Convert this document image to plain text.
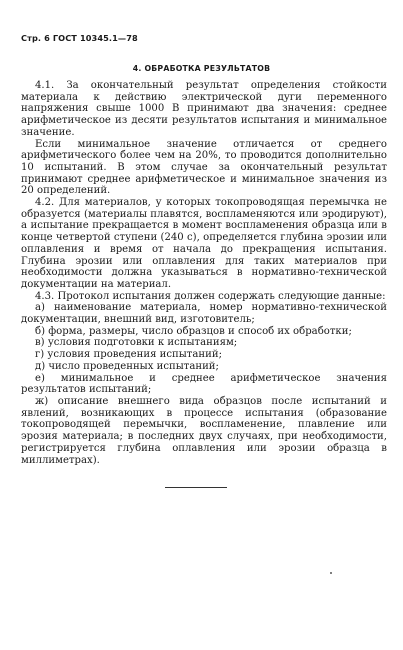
Стр. 6 ГОСТ 10345.1—78
4. ОБРАБОТКА РЕЗУЛЬТАТОВ

4.1. За окончательный результат определения стойкости материала к действию электрической дуги переменного напряжения свыше 1000 В принимают два значения: среднее арифметическое из десяти результатов испытания и минимальное значение.

Если минимальное значение отличается от среднего арифметического более чем на 20%, то проводится дополнительно 10 испытаний. В этом случае за окончательный результат принимают среднее арифметическое и минимальное значения из 20 определений.

4.2. Для материалов, у которых токопроводящая перемычка не образуется (материалы плавятся, воспламеняются или эродируют), а испытание прекращается в момент воспламенения образца или в конце четвертой ступени (240 с), определяется глубина эрозии или оплавления и время от начала до прекращения испытания. Глубина эрозии или оплавления для таких материалов при необходимости должна указываться в нормативно-технической документации на материал.

4.3. Протокол испытания должен содержать следующие данные:

а) наименование материала, номер нормативно-технической документации, внешний вид, изготовитель;

б) форма, размеры, число образцов и способ их обработки;

в) условия подготовки к испытаниям;

г) условия проведения испытаний;

д) число проведенных испытаний;

е) минимальное и среднее арифметическое значения результатов испытаний;

ж) описание внешнего вида образцов после испытаний и явлений, возникающих в процессе испытания (образование токопроводящей перемычки, воспламенение, плавление или эрозия материала; в последних двух случаях, при необходимости, регистрируется глубина оплавления или эрозии образца в миллиметрах).
